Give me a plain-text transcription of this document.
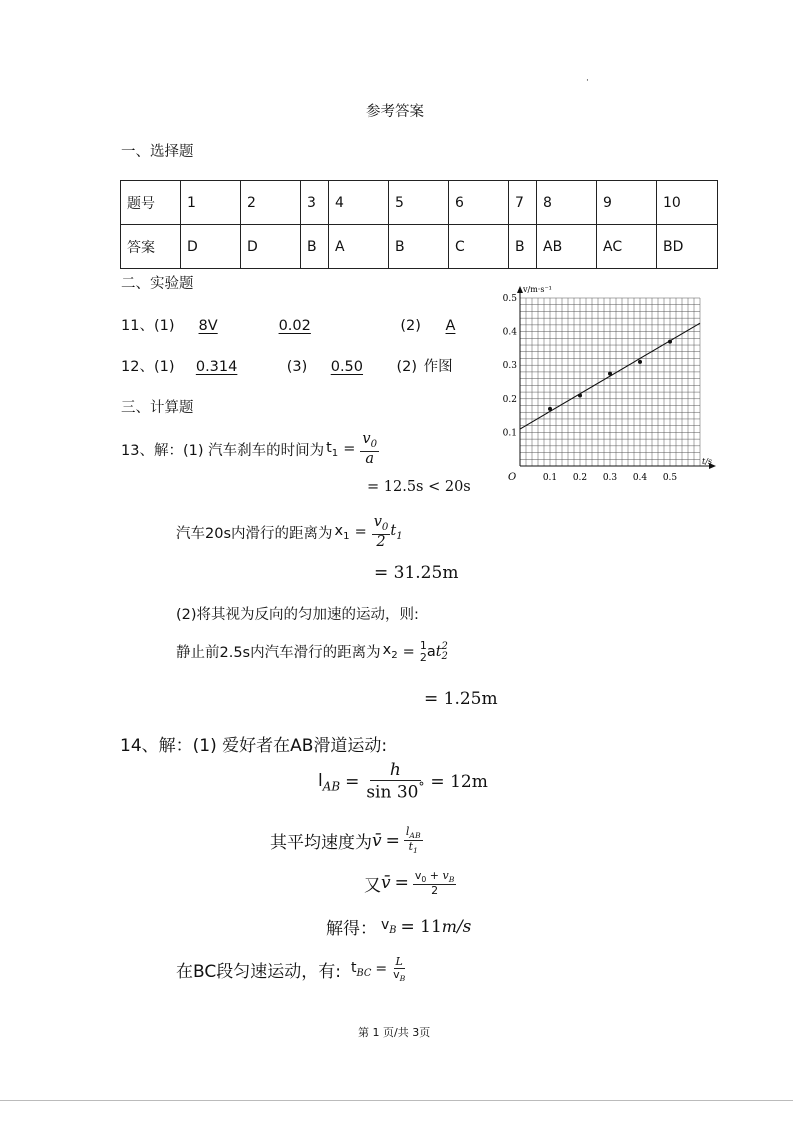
·
参考答案
一、选择题
题号	1	2	3	4	5	6	7	8	9	10
答案	D	D	B	A	B	C	B	AB	AC	BD
二、实验题
11、(1) 8V	0.02	(2) A
12、(1) 0.314	(3) 0.50 (2) 作图
三、计算题
13、解：(1) 汽车刹车的时间为 $t_1 = \frac{v_0}{a}$
= 12.5s < 20s
汽车20s内滑行的距离为 $x_1 = \frac{v_0}{2} t_1$
= 31.25m
(2)将其视为反向的匀加速的运动，则:
静止前2.5s内汽车滑行的距离为 $x_2 = 1$
2 a t 2
2
= 1.25m
14、解：(1) 爱好者在AB滑道运动:
$l_{AB} = \frac{h}{\sin 30^\circ} = 12m$
其平均速度为 v̄ = $\frac{l_{AB}}{t_1}$
又 v̄ = $\frac{v_0 + v_B}{2}$
解得： $v_B = 11$ m /s
在BC段匀速运动，有: $t_{BC} = \frac{L}{v_B}$
0.1 0.2 0.3 0.4 0.5
0.1
0.2
0.3
0.4
0.5
O
t/s
v/m·s⁻¹
第 1 页/共 3页
